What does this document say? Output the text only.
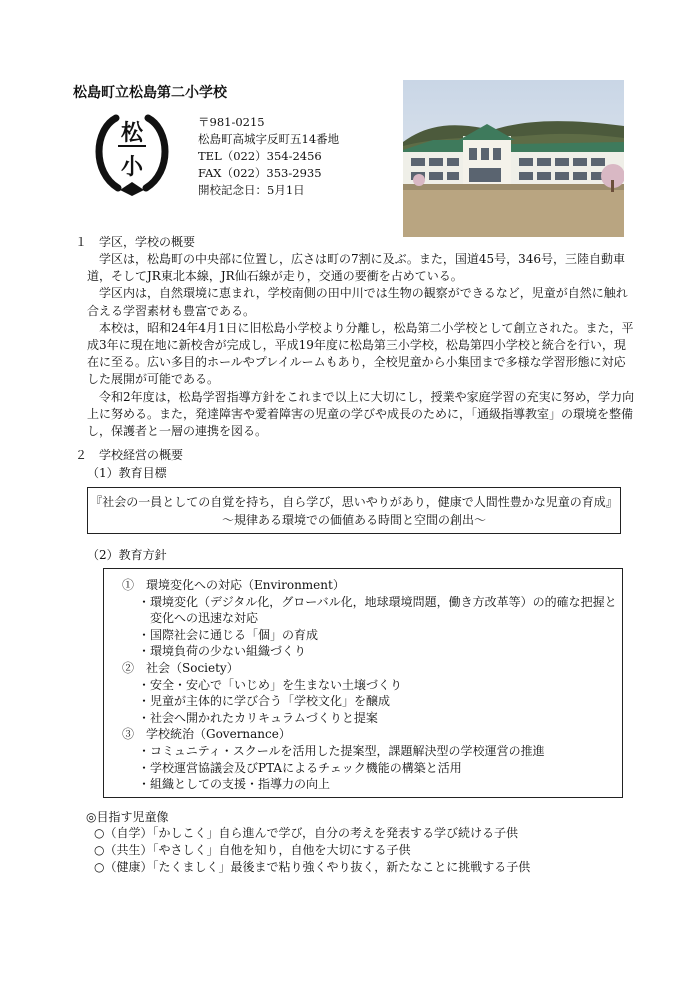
松島町立松島第二小学校
松
小
〒981-0215
松島町高城字反町五14番地
TEL（022）354-2456
FAX（022）353-2935
開校記念日：5月1日
１　学区，学校の概要

学区は，松島町の中央部に位置し，広さは町の7割に及ぶ。また，国道45号，346号，三陸自動車道，そしてJR東北本線，JR仙石線が走り，交通の要衝を占めている。

学区内は，自然環境に恵まれ，学校南側の田中川では生物の観察ができるなど，児童が自然に触れ合える学習素材も豊富である。

本校は，昭和24年4月1日に旧松島小学校より分離し，松島第二小学校として創立された。また，平成3年に現在地に新校舎が完成し，平成19年度に松島第三小学校，松島第四小学校と統合を行い，現在に至る。広い多目的ホールやプレイルームもあり，全校児童から小集団まで多様な学習形態に対応した展開が可能である。

令和2年度は，松島学習指導方針をこれまで以上に大切にし，授業や家庭学習の充実に努め，学力向上に努める。また，発達障害や愛着障害の児童の学びや成長のために，「通級指導教室」の環境を整備し，保護者と一層の連携を図る。

２　学校経営の概要
（1）教育目標
『社会の一員としての自覚を持ち，自ら学び，思いやりがあり，健康で人間性豊かな児童の育成』
～規律ある環境での価値ある時間と空間の創出～
（2）教育方針
①　環境変化への対応（Environment）
・環境変化（デジタル化，グローバル化，地球環境問題，働き方改革等）の的確な把握と
　変化への迅速な対応
・国際社会に通じる「個」の育成
・環境負荷の少ない組織づくり
②　社会（Society）
・安全・安心で「いじめ」を生まない土壌づくり
・児童が主体的に学び合う「学校文化」を醸成
・社会へ開かれたカリキュラムづくりと提案
③　学校統治（Governance）
・コミュニティ・スクールを活用した提案型，課題解決型の学校運営の推進
・学校運営協議会及びPTAによるチェック機能の構築と活用
・組織としての支援・指導力の向上
◎目指す児童像
○（自学）「かしこく」自ら進んで学び，自分の考えを発表する学び続ける子供
○（共生）「やさしく」自他を知り，自他を大切にする子供
○（健康）「たくましく」最後まで粘り強くやり抜く，新たなことに挑戦する子供
